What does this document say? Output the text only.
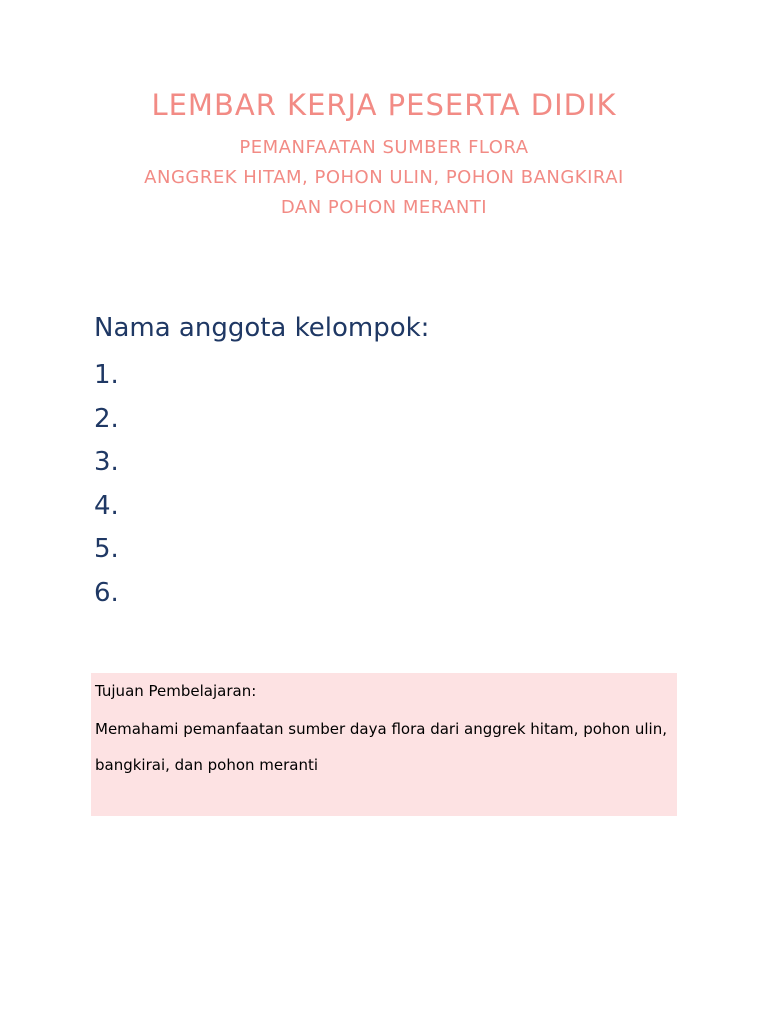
LEMBAR KERJA PESERTA DIDIK

PEMANFAATAN SUMBER FLORA

ANGGREK HITAM, POHON ULIN, POHON BANGKIRAI

DAN POHON MERANTI

Nama anggota kelompok:
1.
2.
3.
4.
5.
6.

Tujuan Pembelajaran:

Memahami pemanfaatan sumber daya flora dari anggrek hitam, pohon ulin, bangkirai, dan pohon meranti
